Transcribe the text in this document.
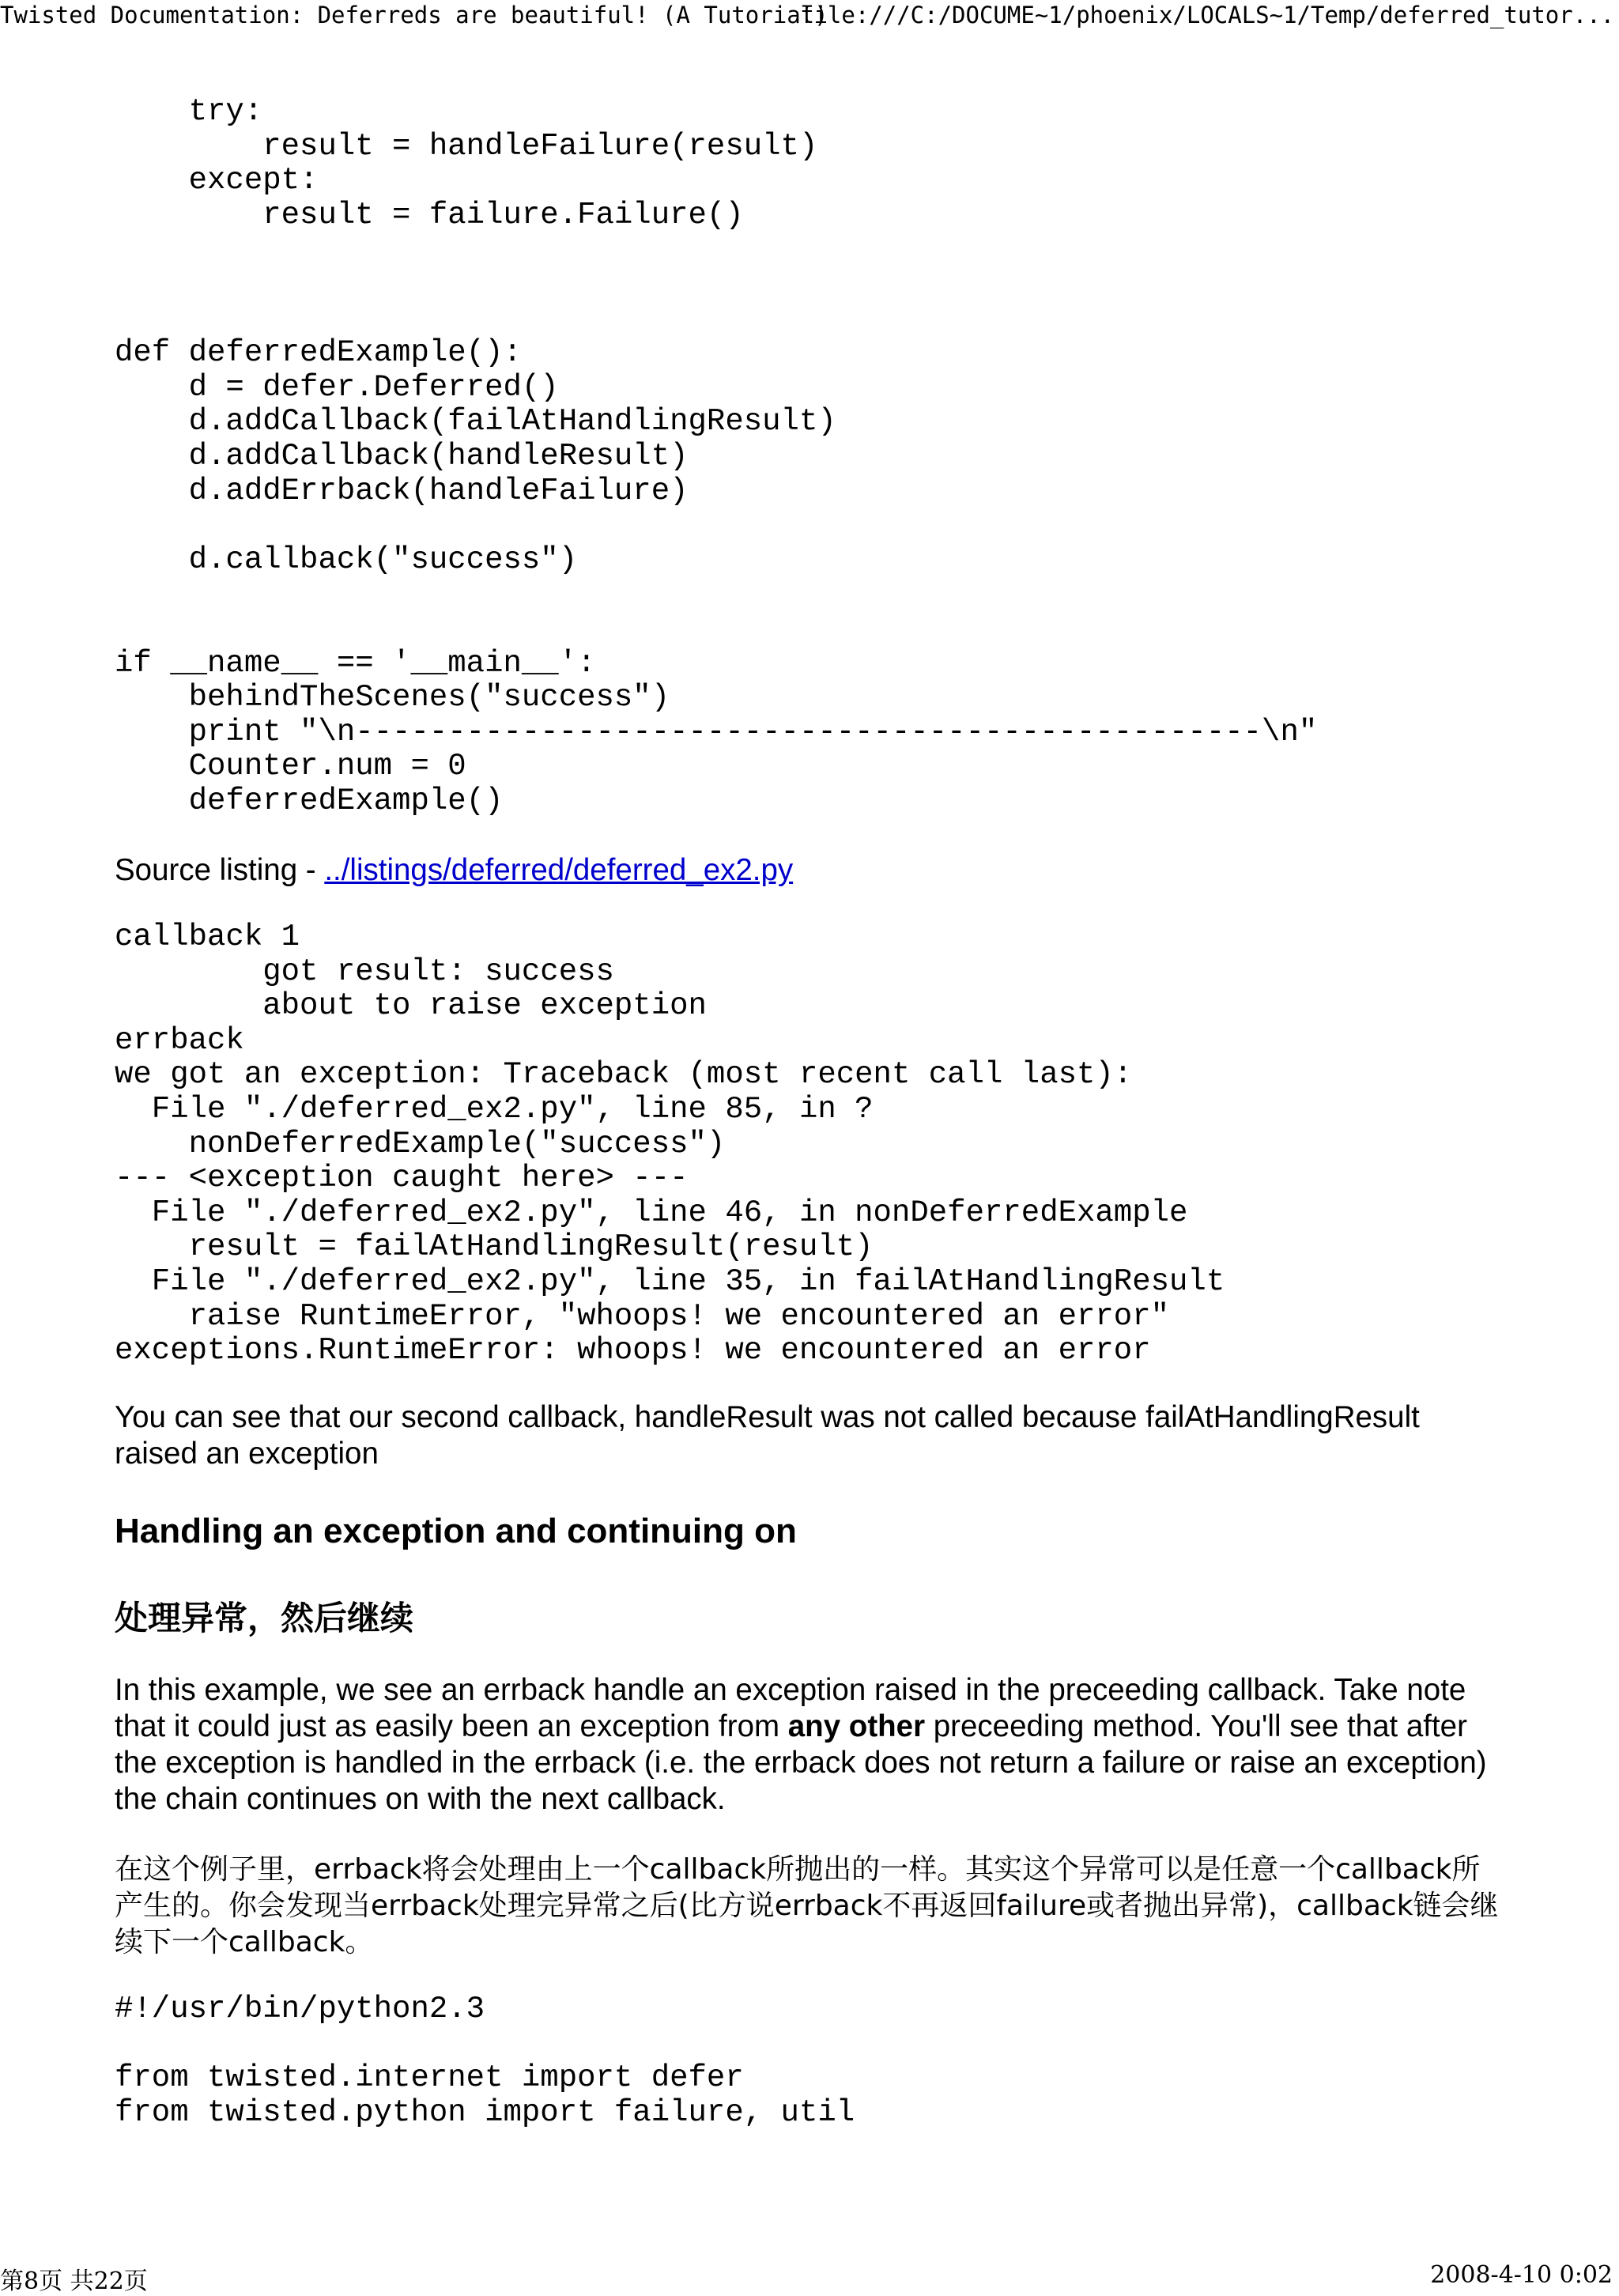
Twisted Documentation: Deferreds are beautiful! (A Tutorial)
file:///C:/DOCUME~1/phoenix/LOCALS~1/Temp/deferred_tutor...
try:
result = handleFailure(result)
except:
result = failure.Failure()

def deferredExample():
d = defer.Deferred()
d.addCallback(failAtHandlingResult)
d.addCallback(handleResult)
d.addErrback(handleFailure)

d.callback("success")

if __name__ == '__main__':
behindTheScenes("success")
print "\n-------------------------------------------------\n"
Counter.num = 0
deferredExample()

Source listing - ../listings/deferred/deferred_ex2.py

callback 1
got result: success
about to raise exception
errback
we got an exception: Traceback (most recent call last):
File "./deferred_ex2.py", line 85, in ?
nonDeferredExample("success")
--- <exception caught here> ---
File "./deferred_ex2.py", line 46, in nonDeferredExample
result = failAtHandlingResult(result)
File "./deferred_ex2.py", line 35, in failAtHandlingResult
raise RuntimeError, "whoops! we encountered an error"
exceptions.RuntimeError: whoops! we encountered an error

You can see that our second callback, handleResult was not called because failAtHandlingResult raised an exception

Handling an exception and continuing on
处理异常，然后继续

In this example, we see an errback handle an exception raised in the preceeding callback. Take note that it could just as easily been an exception from any other preceeding method. You'll see that after the exception is handled in the errback (i.e. the errback does not return a failure or raise an exception) the chain continues on with the next callback.

在这个例子里，errback将会处理由上一个callback所抛出的一样。其实这个异常可以是任意一个callback所产生的。你会发现当errback处理完异常之后(比方说errback不再返回failure或者抛出异常)，callback链会继续下一个callback。

#!/usr/bin/python2.3

from twisted.internet import defer
from twisted.python import failure, util
第8页 共22页	2008-4-10 0:02
